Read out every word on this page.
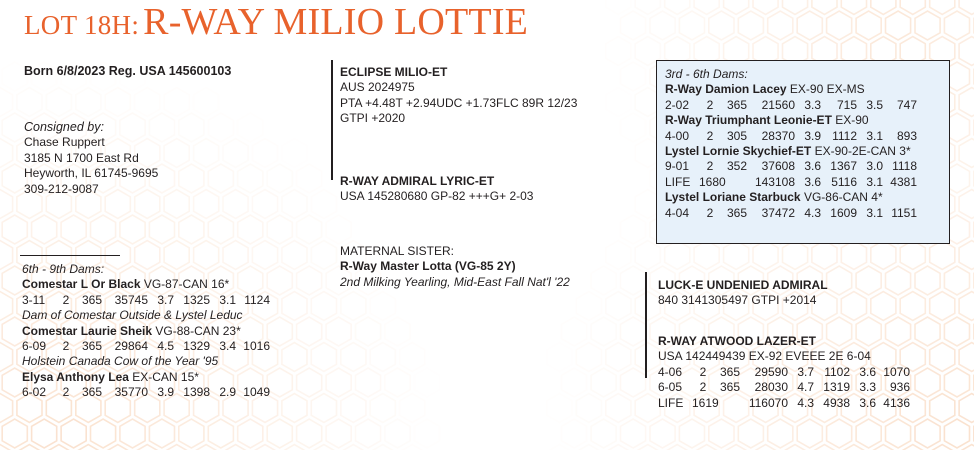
LOT 18H: R-WAY MILIO LOTTIE
Born 6/8/2023 Reg. USA 145600103
Consigned by:
Chase Ruppert
3185 N 1700 East Rd
Heyworth, IL 61745-9695
309-212-9087
6th - 9th Dams:
Comestar L Or Black VG-87-CAN 16*
3-11	2	365	35745 3.7 1325 3.1 1124
Dam of Comestar Outside & Lystel Leduc
Comestar Laurie Sheik VG-88-CAN 23*
6-09	2	365	29864 4.5 1329 3.4 1016
Holstein Canada Cow of the Year '95
Elysa Anthony Lea EX-CAN 15*
6-02	2	365	35770 3.9 1398 2.9 1049
ECLIPSE MILIO-ET
AUS 2024975
PTA +4.48T +2.94UDC +1.73FLC 89R 12/23
GTPI +2020
R-WAY ADMIRAL LYRIC-ET
USA 145280680 GP-82 +++G+ 2-03
MATERNAL SISTER:
R-Way Master Lotta (VG-85 2Y)
2nd Milking Yearling, Mid-East Fall Nat'l '22
3rd - 6th Dams:
R-Way Damion Lacey EX-90 EX-MS
2-02	2	365	21560 3.3	715 3.5	747
R-Way Triumphant Leonie-ET EX-90
4-00	2	305	28370 3.9 1112 3.1	893
Lystel Lornie Skychief-ET EX-90-2E-CAN 3*
9-01	2	352	37608 3.6 1367 3.0 1118
LIFE 1680 143108 3.6 5116 3.1 4381
Lystel Loriane Starbuck VG-86-CAN 4*
4-04	2	365	37472 4.3 1609 3.1 1151
LUCK-E UNDENIED ADMIRAL
840 3141305497 GTPI +2014
R-WAY ATWOOD LAZER-ET
USA 142449439 EX-92 EVEEE 2E 6-04
4-06	2	365	29590 3.7 1102 3.6 1070
6-05	2	365	28030 4.7 1319 3.3	936
LIFE 1619	116070 4.3 4938 3.6 4136
